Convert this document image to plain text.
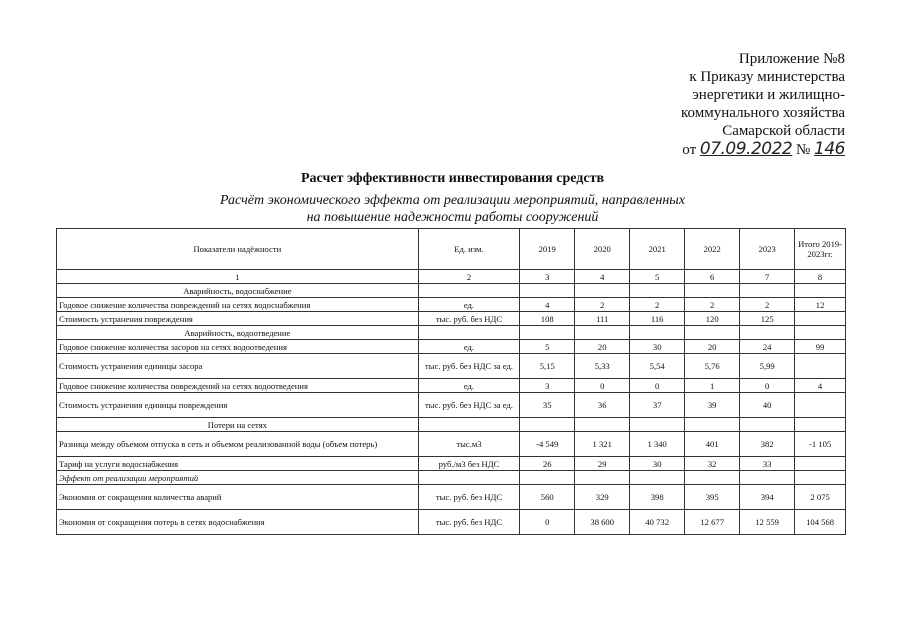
Приложение №8
к Приказу министерства
энергетики и жилищно-
коммунального хозяйства
Самарской области
от 07.09.2022 № 146
Расчет эффективности инвестирования средств
Расчёт экономического эффекта от реализации мероприятий, направленных
на повышение надежности работы сооружений
Показатели надёжности	Ед. изм.	2019	2020	2021	2022	2023	Итого 2019-2023гг.
1	2	3	4	5	6	7	8
Аварийность, водоснабжение							
Годовое снижение количества повреждений на сетях водоснабжения	ед.	4	2	2	2	2	12
Стоимость устранения повреждения	тыс. руб. без НДС	108	111	116	120	125	
Аварийность, водоотведение							
Годовое снижение количества засоров на сетях водоотведения	ед.	5	20	30	20	24	99
Стоимость устранения единицы засора	тыс. руб. без НДС за ед.	5,15	5,33	5,54	5,76	5,99	
Годовое снижение количества повреждений на сетях водоотведения	ед.	3	0	0	1	0	4
Стоимость устранения единицы повреждения	тыс. руб. без НДС за ед.	35	36	37	39	40	
Потери на сетях							
Разница между объемом отпуска в сеть и объемом реализованной воды (объем потерь)	тыс.м3	-4 549	1 321	1 340	401	382	-1 105
Тариф на услуги водоснабжения	руб./м3 без НДС	26	29	30	32	33	
Эффект от реализации мероприятий							
Экономия от сокращения количества аварий	тыс. руб. без НДС	560	329	398	395	394	2 075
Экономия от сокращения потерь в сетях водоснабжения	тыс. руб. без НДС	0	38 600	40 732	12 677	12 559	104 568
